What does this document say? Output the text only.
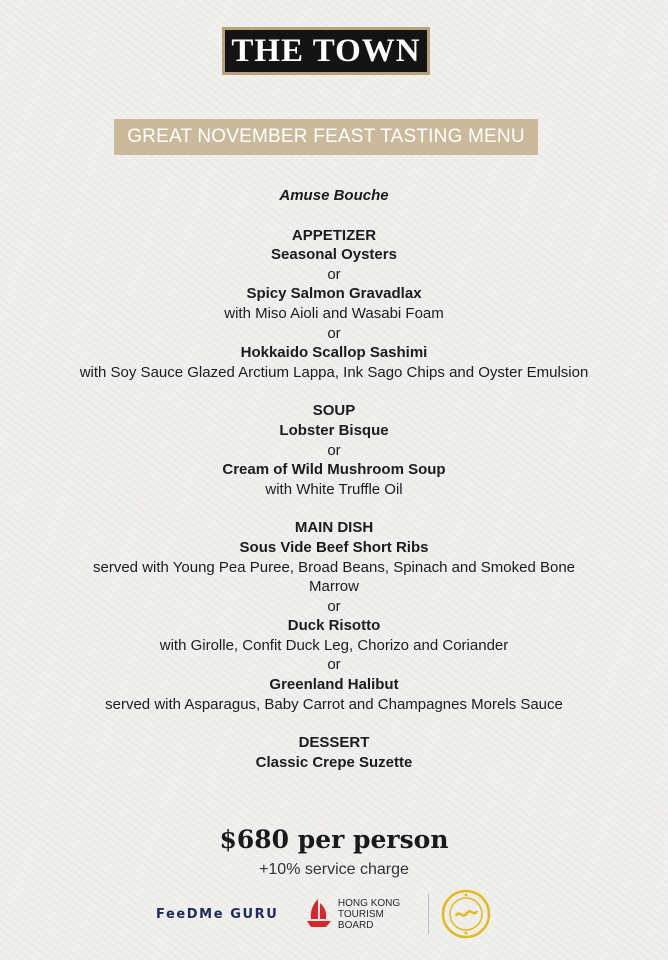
THE TOWN
GREAT NOVEMBER FEAST TASTING MENU
Amuse Bouche
APPETIZER
Seasonal Oysters
or
Spicy Salmon Gravadlax
with Miso Aioli and Wasabi Foam
or
Hokkaido Scallop Sashimi
with Soy Sauce Glazed Arctium Lappa, Ink Sago Chips and Oyster Emulsion
SOUP
Lobster Bisque
or
Cream of Wild Mushroom Soup
with White Truffle Oil
MAIN DISH
Sous Vide Beef Short Ribs
served with Young Pea Puree, Broad Beans, Spinach and Smoked Bone Marrow
or
Duck Risotto
with Girolle, Confit Duck Leg, Chorizo and Coriander
or
Greenland Halibut
served with Asparagus, Baby Carrot and Champagnes Morels Sauce
DESSERT
Classic Crepe Suzette
$680 per person
+10% service charge
FeeDMe GURU
HONG KONG
TOURISM BOARD
